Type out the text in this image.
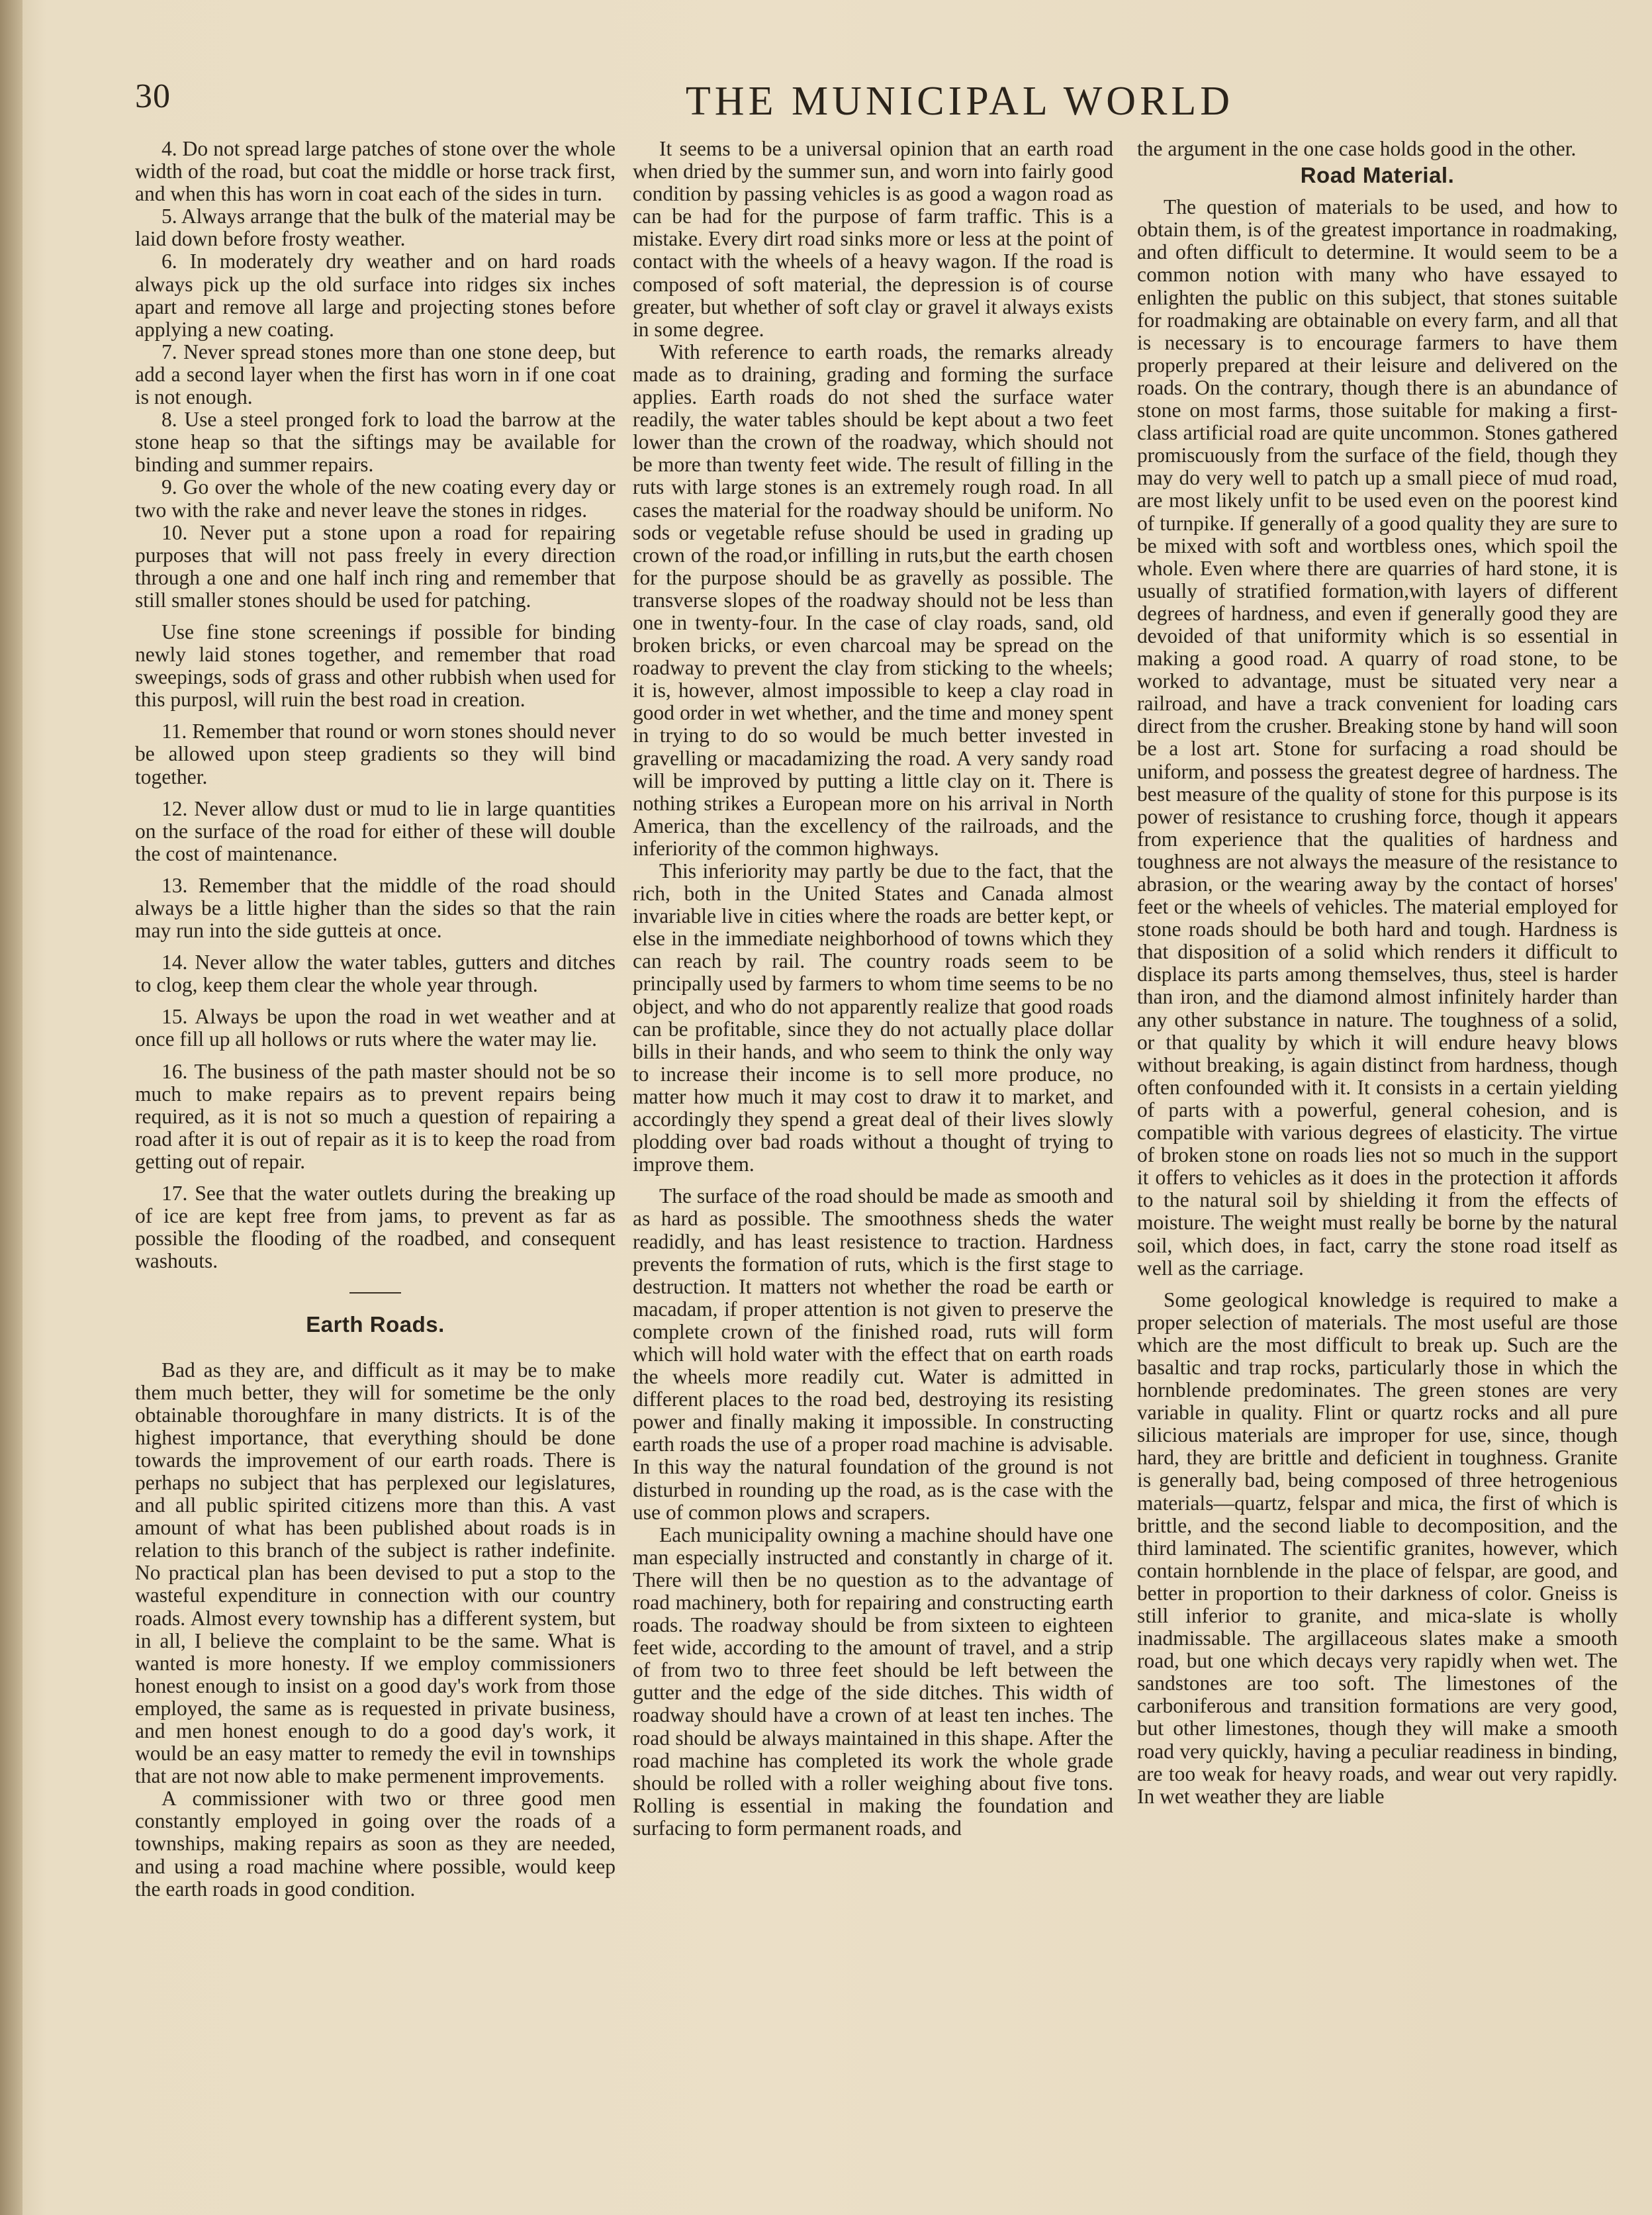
30	THE MUNICIPAL WORLD

4. Do not spread large patches of stone over the whole width of the road, but coat the middle or horse track first, and when this has worn in coat each of the sides in turn.

5. Always arrange that the bulk of the material may be laid down before frosty weather.

6. In moderately dry weather and on hard roads always pick up the old surface into ridges six inches apart and remove all large and projecting stones before applying a new coating.

7. Never spread stones more than one stone deep, but add a second layer when the first has worn in if one coat is not enough.

8. Use a steel pronged fork to load the barrow at the stone heap so that the siftings may be available for binding and summer repairs.

9. Go over the whole of the new coating every day or two with the rake and never leave the stones in ridges.

10. Never put a stone upon a road for repairing purposes that will not pass freely in every direction through a one and one half inch ring and remember that still smaller stones should be used for patching.

Use fine stone screenings if possible for binding newly laid stones together, and remember that road sweepings, sods of grass and other rubbish when used for this purposl, will ruin the best road in creation.

11. Remember that round or worn stones should never be allowed upon steep gradients so they will bind together.

12. Never allow dust or mud to lie in large quantities on the surface of the road for either of these will double the cost of maintenance.

13. Remember that the middle of the road should always be a little higher than the sides so that the rain may run into the side gutteis at once.

14. Never allow the water tables, gutters and ditches to clog, keep them clear the whole year through.

15. Always be upon the road in wet weather and at once fill up all hollows or ruts where the water may lie.

16. The business of the path master should not be so much to make repairs as to prevent repairs being required, as it is not so much a question of repairing a road after it is out of repair as it is to keep the road from getting out of repair.

17. See that the water outlets during the breaking up of ice are kept free from jams, to prevent as far as possible the flooding of the roadbed, and consequent washouts.

Earth Roads.

Bad as they are, and difficult as it may be to make them much better, they will for sometime be the only obtainable thoroughfare in many districts. It is of the highest importance, that everything should be done towards the improvement of our earth roads. There is perhaps no subject that has perplexed our legislatures, and all public spirited citizens more than this. A vast amount of what has been published about roads is in relation to this branch of the subject is rather indefinite. No practical plan has been devised to put a stop to the wasteful expenditure in connection with our country roads. Almost every township has a different system, but in all, I believe the complaint to be the same. What is wanted is more honesty. If we employ commissioners honest enough to insist on a good day's work from those employed, the same as is requested in private business, and men honest enough to do a good day's work, it would be an easy matter to remedy the evil in townships that are not now able to make permenent improvements.

A commissioner with two or three good men constantly employed in going over the roads of a townships, making repairs as soon as they are needed, and using a road machine where possible, would keep the earth roads in good condition.

It seems to be a universal opinion that an earth road when dried by the summer sun, and worn into fairly good condition by passing vehicles is as good a wagon road as can be had for the purpose of farm traffic. This is a mistake. Every dirt road sinks more or less at the point of contact with the wheels of a heavy wagon. If the road is composed of soft material, the depression is of course greater, but whether of soft clay or gravel it always exists in some degree.

With reference to earth roads, the remarks already made as to draining, grading and forming the surface applies. Earth roads do not shed the surface water readily, the water tables should be kept about a two feet lower than the crown of the roadway, which should not be more than twenty feet wide. The result of filling in the ruts with large stones is an extremely rough road. In all cases the material for the roadway should be uniform. No sods or vegetable refuse should be used in grading up crown of the road,or infilling in ruts,but the earth chosen for the purpose should be as gravelly as possible. The transverse slopes of the roadway should not be less than one in twenty-four. In the case of clay roads, sand, old broken bricks, or even charcoal may be spread on the roadway to prevent the clay from sticking to the wheels; it is, however, almost impossible to keep a clay road in good order in wet whether, and the time and money spent in trying to do so would be much better invested in gravelling or macadamizing the road. A very sandy road will be improved by putting a little clay on it. There is nothing strikes a European more on his arrival in North America, than the excellency of the railroads, and the inferiority of the common highways.

This inferiority may partly be due to the fact, that the rich, both in the United States and Canada almost invariable live in cities where the roads are better kept, or else in the immediate neighborhood of towns which they can reach by rail. The country roads seem to be principally used by farmers to whom time seems to be no object, and who do not apparently realize that good roads can be profitable, since they do not actually place dollar bills in their hands, and who seem to think the only way to increase their income is to sell more produce, no matter how much it may cost to draw it to market, and accordingly they spend a great deal of their lives slowly plodding over bad roads without a thought of trying to improve them.

The surface of the road should be made as smooth and as hard as possible. The smoothness sheds the water readidly, and has least resistence to traction. Hardness prevents the formation of ruts, which is the first stage to destruction. It matters not whether the road be earth or macadam, if proper attention is not given to preserve the complete crown of the finished road, ruts will form which will hold water with the effect that on earth roads the wheels more readily cut. Water is admitted in different places to the road bed, destroying its resisting power and finally making it impossible. In constructing earth roads the use of a proper road machine is advisable. In this way the natural foundation of the ground is not disturbed in rounding up the road, as is the case with the use of common plows and scrapers.

Each municipality owning a machine should have one man especially instructed and constantly in charge of it. There will then be no question as to the advantage of road machinery, both for repairing and constructing earth roads. The roadway should be from sixteen to eighteen feet wide, according to the amount of travel, and a strip of from two to three feet should be left between the gutter and the edge of the side ditches. This width of roadway should have a crown of at least ten inches. The road should be always maintained in this shape. After the road machine has completed its work the whole grade should be rolled with a roller weighing about five tons. Rolling is essential in making the foundation and surfacing to form permanent roads, and

the argument in the one case holds good in the other.

Road Material.

The question of materials to be used, and how to obtain them, is of the greatest importance in roadmaking, and often difficult to determine. It would seem to be a common notion with many who have essayed to enlighten the public on this subject, that stones suitable for roadmaking are obtainable on every farm, and all that is necessary is to encourage farmers to have them properly prepared at their leisure and delivered on the roads. On the contrary, though there is an abundance of stone on most farms, those suitable for making a first-class artificial road are quite uncommon. Stones gathered promiscuously from the surface of the field, though they may do very well to patch up a small piece of mud road, are most likely unfit to be used even on the poorest kind of turnpike. If generally of a good quality they are sure to be mixed with soft and wortbless ones, which spoil the whole. Even where there are quarries of hard stone, it is usually of stratified formation,with layers of different degrees of hardness, and even if generally good they are devoided of that uniformity which is so essential in making a good road. A quarry of road stone, to be worked to advantage, must be situated very near a railroad, and have a track convenient for loading cars direct from the crusher. Breaking stone by hand will soon be a lost art. Stone for surfacing a road should be uniform, and possess the greatest degree of hardness. The best measure of the quality of stone for this purpose is its power of resistance to crushing force, though it appears from experience that the qualities of hardness and toughness are not always the measure of the resistance to abrasion, or the wearing away by the contact of horses' feet or the wheels of vehicles. The material employed for stone roads should be both hard and tough. Hardness is that disposition of a solid which renders it difficult to displace its parts among themselves, thus, steel is harder than iron, and the diamond almost infinitely harder than any other substance in nature. The toughness of a solid, or that quality by which it will endure heavy blows without breaking, is again distinct from hardness, though often confounded with it. It consists in a certain yielding of parts with a powerful, general cohesion, and is compatible with various degrees of elasticity. The virtue of broken stone on roads lies not so much in the support it offers to vehicles as it does in the protection it affords to the natural soil by shielding it from the effects of moisture. The weight must really be borne by the natural soil, which does, in fact, carry the stone road itself as well as the carriage.

Some geological knowledge is required to make a proper selection of materials. The most useful are those which are the most difficult to break up. Such are the basaltic and trap rocks, particularly those in which the hornblende predominates. The green stones are very variable in quality. Flint or quartz rocks and all pure silicious materials are improper for use, since, though hard, they are brittle and deficient in toughness. Granite is generally bad, being composed of three hetrogenious materials—quartz, felspar and mica, the first of which is brittle, and the second liable to decomposition, and the third laminated. The scientific granites, however, which contain hornblende in the place of felspar, are good, and better in proportion to their darkness of color. Gneiss is still inferior to granite, and mica-slate is wholly inadmissable. The argillaceous slates make a smooth road, but one which decays very rapidly when wet. The sandstones are too soft. The limestones of the carboniferous and transition formations are very good, but other limestones, though they will make a smooth road very quickly, having a peculiar readiness in binding, are too weak for heavy roads, and wear out very rapidly. In wet weather they are liable
